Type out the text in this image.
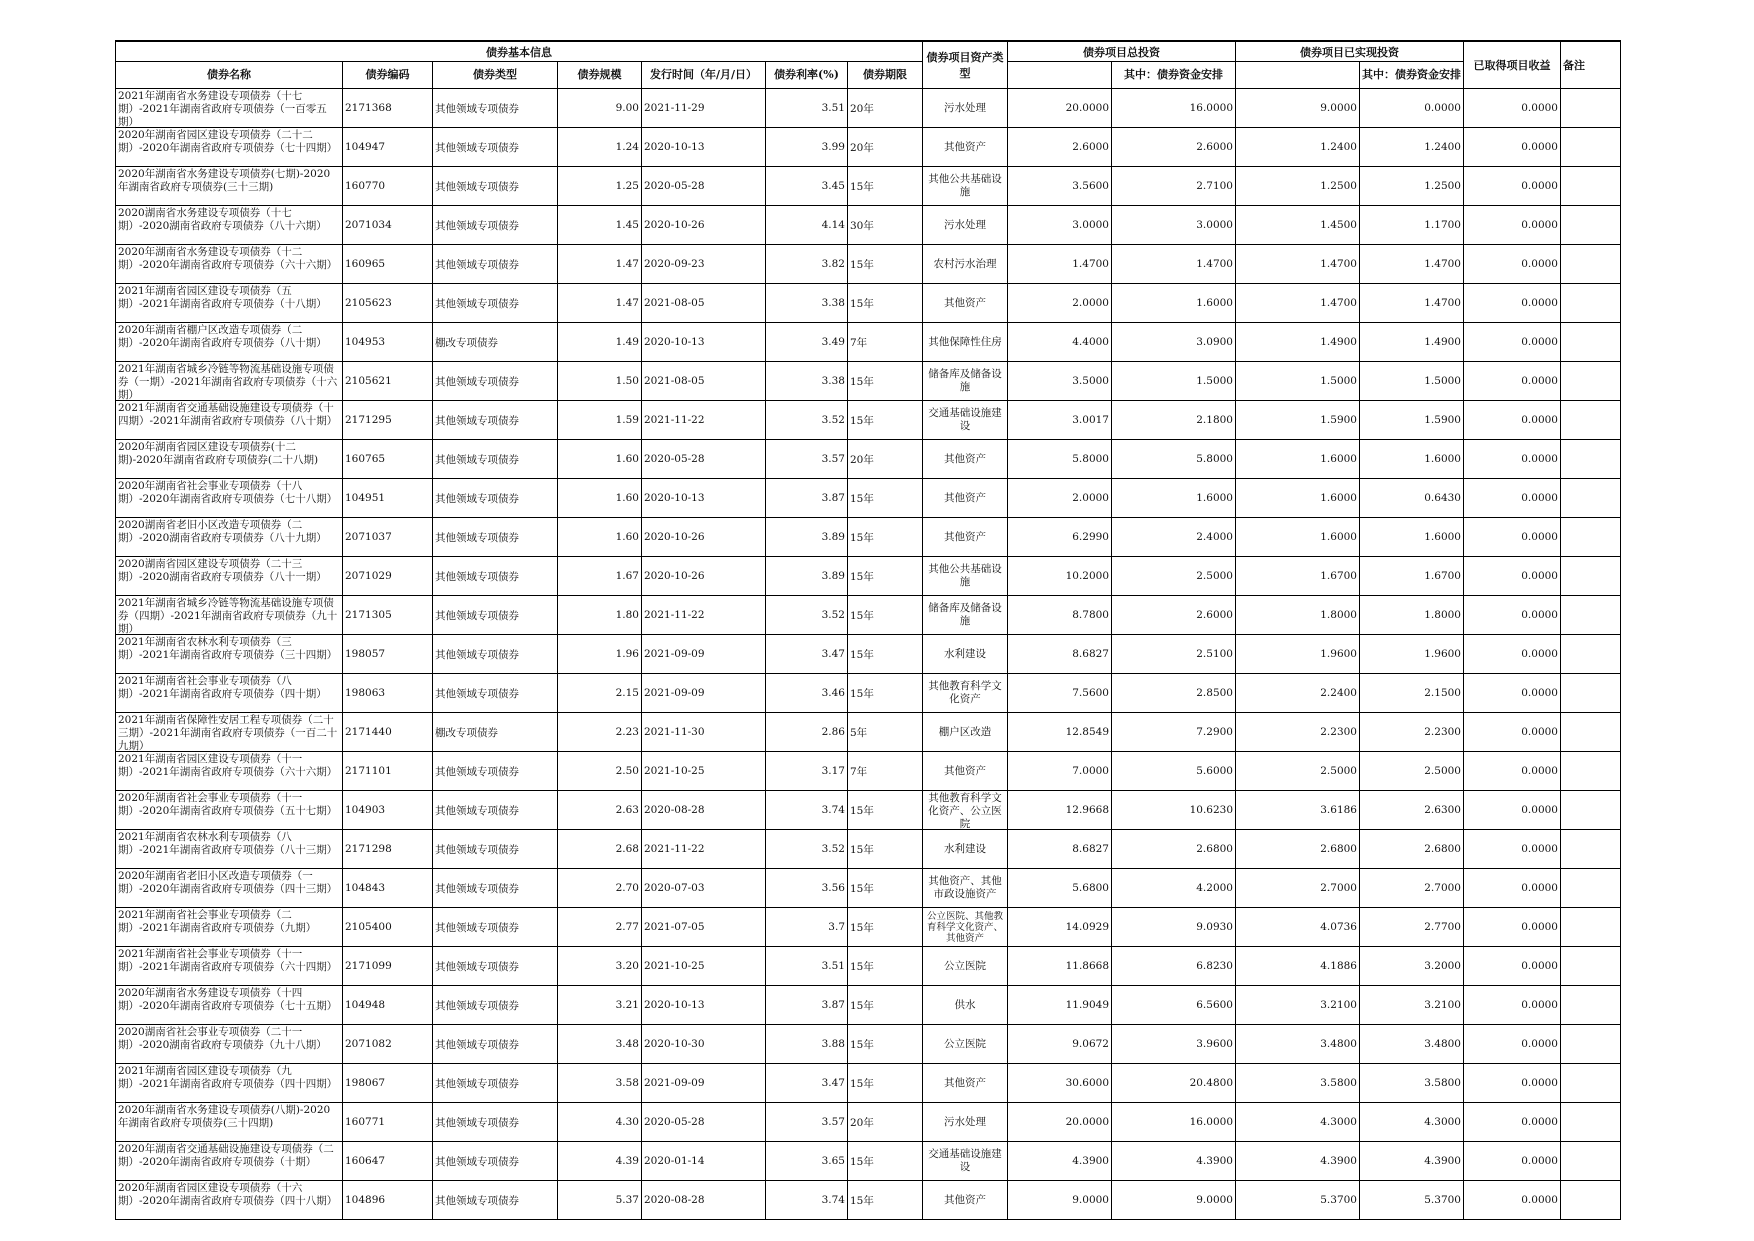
债券基本信息							债券项目资产类型	债券项目总投资		债券项目已实现投资		已取得项目收益	备注
债券名称	债券编码	债券类型	债券规模	发行时间（年/月/日）	债券利率(%)	债券期限			其中：债券资金安排		其中：债券资金安排		

2021年湖南省水务建设专项债券（十七期）-2021年湖南省政府专项债券（一百零五期）	2171368	其他领域专项债券	9.00	2021-11-29	3.51	20年	污水处理	20.0000	16.0000	9.0000	0.0000	0.0000	

2020年湖南省园区建设专项债券（二十二期）-2020年湖南省政府专项债券（七十四期）	104947	其他领域专项债券	1.24	2020-10-13	3.99	20年	其他资产	2.6000	2.6000	1.2400	1.2400	0.0000	

2020年湖南省水务建设专项债券(七期)-2020年湖南省政府专项债券(三十三期)	160770	其他领域专项债券	1.25	2020-05-28	3.45	15年	其他公共基础设施	3.5600	2.7100	1.2500	1.2500	0.0000	

2020湖南省水务建设专项债券（十七期）-2020湖南省政府专项债券（八十六期）	2071034	其他领域专项债券	1.45	2020-10-26	4.14	30年	污水处理	3.0000	3.0000	1.4500	1.1700	0.0000	

2020年湖南省水务建设专项债券（十二期）-2020年湖南省政府专项债券（六十六期）	160965	其他领域专项债券	1.47	2020-09-23	3.82	15年	农村污水治理	1.4700	1.4700	1.4700	1.4700	0.0000	

2021年湖南省园区建设专项债券（五期）-2021年湖南省政府专项债券（十八期）	2105623	其他领域专项债券	1.47	2021-08-05	3.38	15年	其他资产	2.0000	1.6000	1.4700	1.4700	0.0000	

2020年湖南省棚户区改造专项债券（二期）-2020年湖南省政府专项债券（八十期）	104953	棚改专项债券	1.49	2020-10-13	3.49	7年	其他保障性住房	4.4000	3.0900	1.4900	1.4900	0.0000	

2021年湖南省城乡冷链等物流基础设施专项债券（一期）-2021年湖南省政府专项债券（十六期）	2105621	其他领域专项债券	1.50	2021-08-05	3.38	15年	储备库及储备设施	3.5000	1.5000	1.5000	1.5000	0.0000	

2021年湖南省交通基础设施建设专项债券（十四期）-2021年湖南省政府专项债券（八十期）	2171295	其他领域专项债券	1.59	2021-11-22	3.52	15年	交通基础设施建设	3.0017	2.1800	1.5900	1.5900	0.0000	

2020年湖南省园区建设专项债券(十二期)-2020年湖南省政府专项债券(二十八期)	160765	其他领域专项债券	1.60	2020-05-28	3.57	20年	其他资产	5.8000	5.8000	1.6000	1.6000	0.0000	

2020年湖南省社会事业专项债券（十八期）-2020年湖南省政府专项债券（七十八期）	104951	其他领域专项债券	1.60	2020-10-13	3.87	15年	其他资产	2.0000	1.6000	1.6000	0.6430	0.0000	

2020湖南省老旧小区改造专项债券（二期）-2020湖南省政府专项债券（八十九期）	2071037	其他领域专项债券	1.60	2020-10-26	3.89	15年	其他资产	6.2990	2.4000	1.6000	1.6000	0.0000	

2020湖南省园区建设专项债券（二十三期）-2020湖南省政府专项债券（八十一期）	2071029	其他领域专项债券	1.67	2020-10-26	3.89	15年	其他公共基础设施	10.2000	2.5000	1.6700	1.6700	0.0000	

2021年湖南省城乡冷链等物流基础设施专项债券（四期）-2021年湖南省政府专项债券（九十期）	2171305	其他领域专项债券	1.80	2021-11-22	3.52	15年	储备库及储备设施	8.7800	2.6000	1.8000	1.8000	0.0000	

2021年湖南省农林水利专项债券（三期）-2021年湖南省政府专项债券（三十四期）	198057	其他领域专项债券	1.96	2021-09-09	3.47	15年	水利建设	8.6827	2.5100	1.9600	1.9600	0.0000	

2021年湖南省社会事业专项债券（八期）-2021年湖南省政府专项债券（四十期）	198063	其他领域专项债券	2.15	2021-09-09	3.46	15年	其他教育科学文化资产	7.5600	2.8500	2.2400	2.1500	0.0000	

2021年湖南省保障性安居工程专项债券（二十三期）-2021年湖南省政府专项债券（一百二十九期）	2171440	棚改专项债券	2.23	2021-11-30	2.86	5年	棚户区改造	12.8549	7.2900	2.2300	2.2300	0.0000	

2021年湖南省园区建设专项债券（十一期）-2021年湖南省政府专项债券（六十六期）	2171101	其他领域专项债券	2.50	2021-10-25	3.17	7年	其他资产	7.0000	5.6000	2.5000	2.5000	0.0000	

2020年湖南省社会事业专项债券（十一期）-2020年湖南省政府专项债券（五十七期）	104903	其他领域专项债券	2.63	2020-08-28	3.74	15年	其他教育科学文化资产、公立医院	12.9668	10.6230	3.6186	2.6300	0.0000	

2021年湖南省农林水利专项债券（八期）-2021年湖南省政府专项债券（八十三期）	2171298	其他领域专项债券	2.68	2021-11-22	3.52	15年	水利建设	8.6827	2.6800	2.6800	2.6800	0.0000	

2020年湖南省老旧小区改造专项债券（一期）-2020年湖南省政府专项债券（四十三期）	104843	其他领域专项债券	2.70	2020-07-03	3.56	15年	其他资产、其他市政设施资产	5.6800	4.2000	2.7000	2.7000	0.0000	

2021年湖南省社会事业专项债券（二期）-2021年湖南省政府专项债券（九期）	2105400	其他领域专项债券	2.77	2021-07-05	3.7	15年	公立医院、其他教育科学文化资产、其他资产	14.0929	9.0930	4.0736	2.7700	0.0000	

2021年湖南省社会事业专项债券（十一期）-2021年湖南省政府专项债券（六十四期）	2171099	其他领域专项债券	3.20	2021-10-25	3.51	15年	公立医院	11.8668	6.8230	4.1886	3.2000	0.0000	

2020年湖南省水务建设专项债券（十四期）-2020年湖南省政府专项债券（七十五期）	104948	其他领域专项债券	3.21	2020-10-13	3.87	15年	供水	11.9049	6.5600	3.2100	3.2100	0.0000	

2020湖南省社会事业专项债券（二十一期）-2020湖南省政府专项债券（九十八期）	2071082	其他领域专项债券	3.48	2020-10-30	3.88	15年	公立医院	9.0672	3.9600	3.4800	3.4800	0.0000	

2021年湖南省园区建设专项债券（九期）-2021年湖南省政府专项债券（四十四期）	198067	其他领域专项债券	3.58	2021-09-09	3.47	15年	其他资产	30.6000	20.4800	3.5800	3.5800	0.0000	

2020年湖南省水务建设专项债券(八期)-2020年湖南省政府专项债券(三十四期)	160771	其他领域专项债券	4.30	2020-05-28	3.57	20年	污水处理	20.0000	16.0000	4.3000	4.3000	0.0000	

2020年湖南省交通基础设施建设专项债券（二期）-2020年湖南省政府专项债券（十期）	160647	其他领域专项债券	4.39	2020-01-14	3.65	15年	交通基础设施建设	4.3900	4.3900	4.3900	4.3900	0.0000	

2020年湖南省园区建设专项债券（十六期）-2020年湖南省政府专项债券（四十八期）	104896	其他领域专项债券	5.37	2020-08-28	3.74	15年	其他资产	9.0000	9.0000	5.3700	5.3700	0.0000	
